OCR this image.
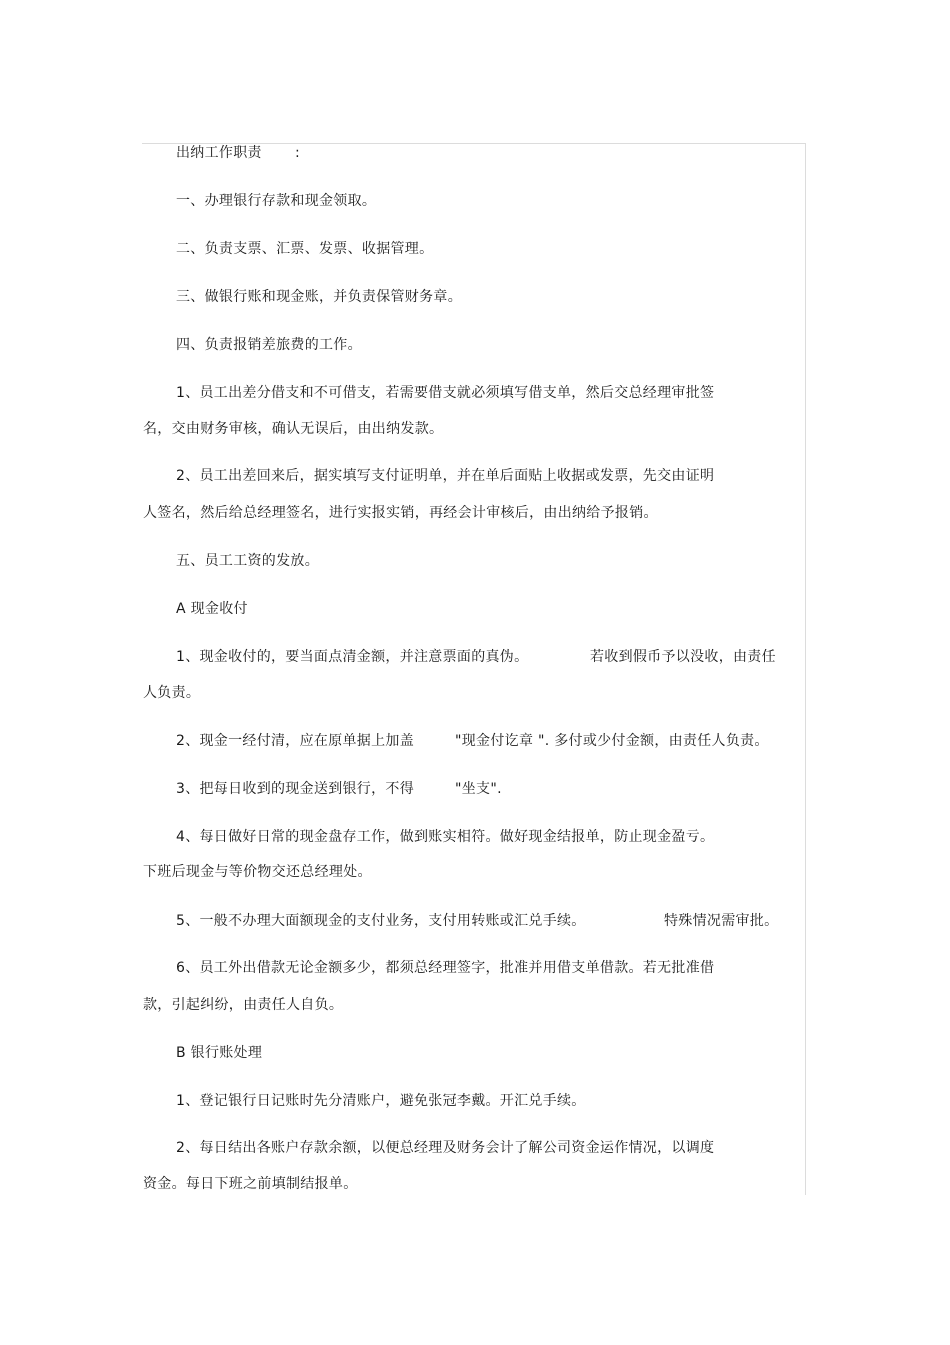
出纳工作职责 :
一、办理银行存款和现金领取。
二、负责支票、汇票、发票、收据管理。
三、做银行账和现金账，并负责保管财务章。
四、负责报销差旅费的工作。
1、员工出差分借支和不可借支，若需要借支就必须填写借支单，然后交总经理审批签
名，交由财务审核，确认无误后，由出纳发款。
2、员工出差回来后，据实填写支付证明单，并在单后面贴上收据或发票，先交由证明
人签名，然后给总经理签名，进行实报实销，再经会计审核后，由出纳给予报销。
五、员工工资的发放。
A 现金收付
1、现金收付的，要当面点清金额，并注意票面的真伪。	若收到假币予以没收，由责任
人负责。
2、现金一经付清，应在原单据上加盖	"现金付讫章 ". 多付或少付金额，由责任人负责。
3、把每日收到的现金送到银行，不得	"坐支".
4、每日做好日常的现金盘存工作，做到账实相符。做好现金结报单，防止现金盈亏。
下班后现金与等价物交还总经理处。
5、一般不办理大面额现金的支付业务，支付用转账或汇兑手续。	特殊情况需审批。
6、员工外出借款无论金额多少，都须总经理签字，批准并用借支单借款。若无批准借
款，引起纠纷，由责任人自负。
B 银行账处理
1、登记银行日记账时先分清账户，避免张冠李戴。开汇兑手续。
2、每日结出各账户存款余额，以便总经理及财务会计了解公司资金运作情况，以调度
资金。每日下班之前填制结报单。
